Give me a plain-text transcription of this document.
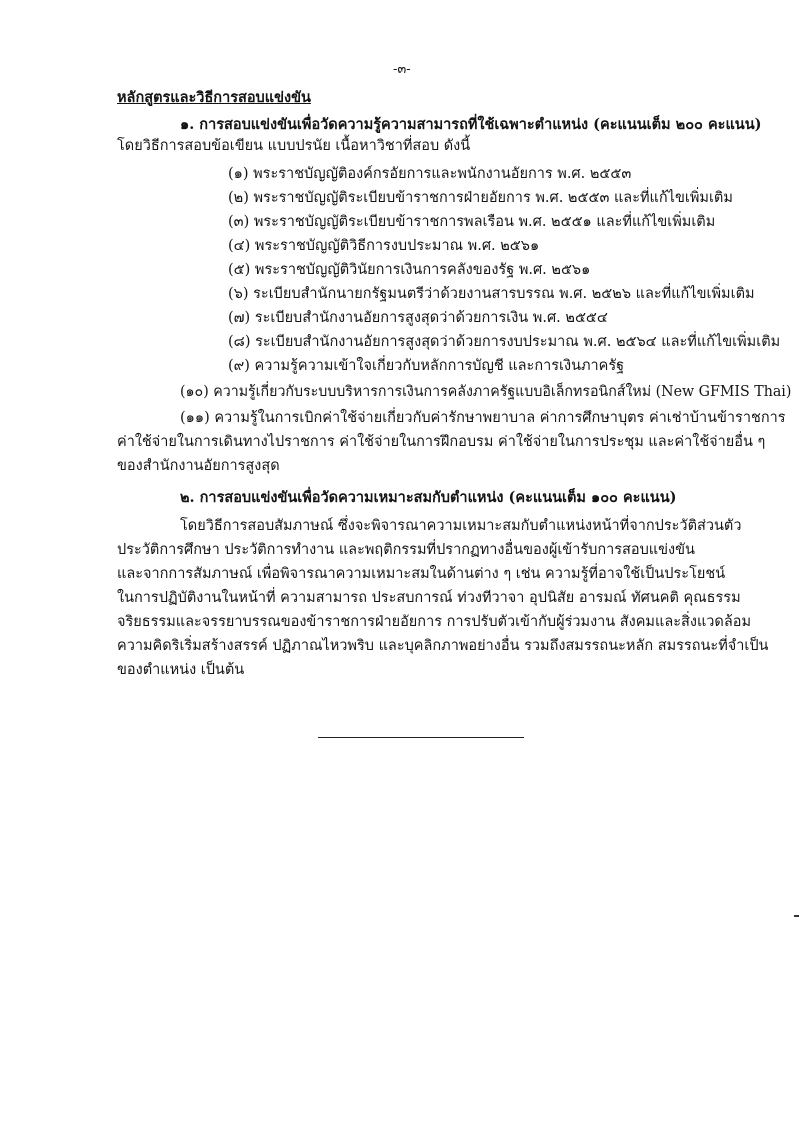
-๓-
หลักสูตรและวิธีการสอบแข่งขัน
๑. การสอบแข่งขันเพื่อวัดความรู้ความสามารถที่ใช้เฉพาะตำแหน่ง (คะแนนเต็ม ๒๐๐ คะแนน)
โดยวิธีการสอบข้อเขียน แบบปรนัย เนื้อหาวิชาที่สอบ ดังนี้
(๑) พระราชบัญญัติองค์กรอัยการและพนักงานอัยการ พ.ศ. ๒๕๕๓
(๒) พระราชบัญญัติระเบียบข้าราชการฝ่ายอัยการ พ.ศ. ๒๕๕๓ และที่แก้ไขเพิ่มเติม
(๓) พระราชบัญญัติระเบียบข้าราชการพลเรือน พ.ศ. ๒๕๕๑ และที่แก้ไขเพิ่มเติม
(๔) พระราชบัญญัติวิธีการงบประมาณ พ.ศ. ๒๕๖๑
(๕) พระราชบัญญัติวินัยการเงินการคลังของรัฐ พ.ศ. ๒๕๖๑
(๖) ระเบียบสำนักนายกรัฐมนตรีว่าด้วยงานสารบรรณ พ.ศ. ๒๕๒๖ และที่แก้ไขเพิ่มเติม
(๗) ระเบียบสำนักงานอัยการสูงสุดว่าด้วยการเงิน พ.ศ. ๒๕๕๔
(๘) ระเบียบสำนักงานอัยการสูงสุดว่าด้วยการงบประมาณ พ.ศ. ๒๕๖๔ และที่แก้ไขเพิ่มเติม
(๙) ความรู้ความเข้าใจเกี่ยวกับหลักการบัญชี และการเงินภาครัฐ
(๑๐) ความรู้เกี่ยวกับระบบบริหารการเงินการคลังภาครัฐแบบอิเล็กทรอนิกส์ใหม่ (New GFMIS Thai)
(๑๑) ความรู้ในการเบิกค่าใช้จ่ายเกี่ยวกับค่ารักษาพยาบาล ค่าการศึกษาบุตร ค่าเช่าบ้านข้าราชการ
ค่าใช้จ่ายในการเดินทางไปราชการ ค่าใช้จ่ายในการฝึกอบรม ค่าใช้จ่ายในการประชุม และค่าใช้จ่ายอื่น ๆ
ของสำนักงานอัยการสูงสุด
๒. การสอบแข่งขันเพื่อวัดความเหมาะสมกับตำแหน่ง (คะแนนเต็ม ๑๐๐ คะแนน)
โดยวิธีการสอบสัมภาษณ์ ซึ่งจะพิจารณาความเหมาะสมกับตำแหน่งหน้าที่จากประวัติส่วนตัว
ประวัติการศึกษา ประวัติการทำงาน และพฤติกรรมที่ปรากฏทางอื่นของผู้เข้ารับการสอบแข่งขัน
และจากการสัมภาษณ์ เพื่อพิจารณาความเหมาะสมในด้านต่าง ๆ เช่น ความรู้ที่อาจใช้เป็นประโยชน์
ในการปฏิบัติงานในหน้าที่ ความสามารถ ประสบการณ์ ท่วงทีวาจา อุปนิสัย อารมณ์ ทัศนคติ คุณธรรม
จริยธรรมและจรรยาบรรณของข้าราชการฝ่ายอัยการ การปรับตัวเข้ากับผู้ร่วมงาน สังคมและสิ่งแวดล้อม
ความคิดริเริ่มสร้างสรรค์ ปฏิภาณไหวพริบ และบุคลิกภาพอย่างอื่น รวมถึงสมรรถนะหลัก สมรรถนะที่จำเป็น
ของตำแหน่ง เป็นต้น
